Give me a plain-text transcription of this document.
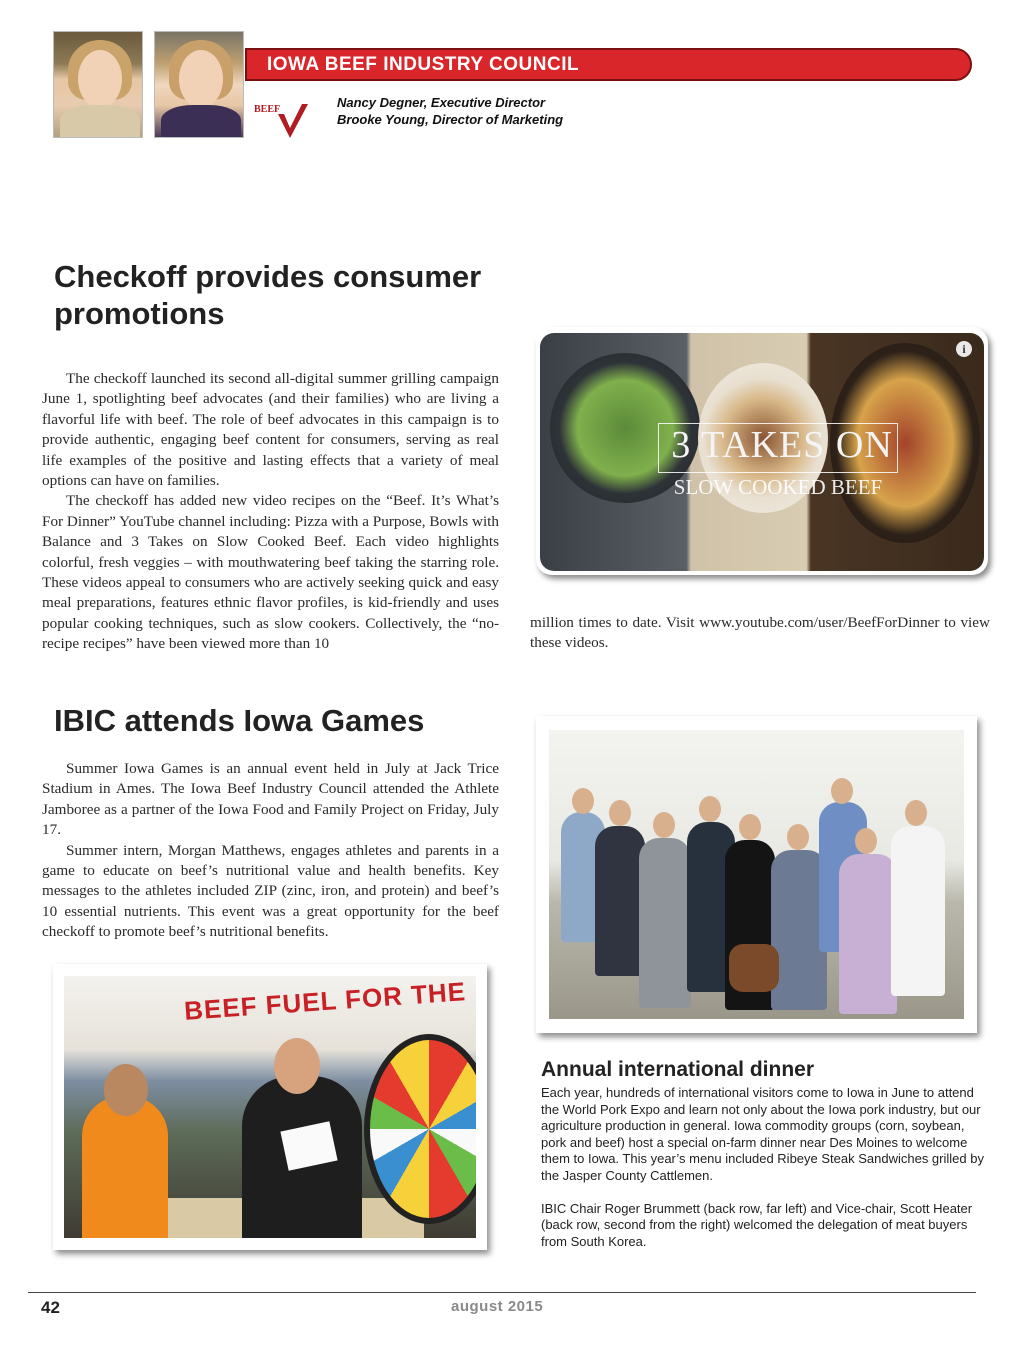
IOWA BEEF INDUSTRY COUNCIL
BEEF	Nancy Degner, Executive Director
Brooke Young, Director of Marketing
Checkoff provides consumer promotions

The checkoff launched its second all-digital summer grilling campaign June 1, spotlighting beef advocates (and their families) who are living a flavorful life with beef. The role of beef advocates in this campaign is to provide authentic, engaging beef content for consumers, serving as real life examples of the positive and lasting effects that a variety of meal options can have on families.

The checkoff has added new video recipes on the “Beef. It’s What’s For Dinner” YouTube channel including: Pizza with a Purpose, Bowls with Balance and 3 Takes on Slow Cooked Beef. Each video highlights colorful, fresh veggies – with mouthwatering beef taking the starring role. These videos appeal to consumers who are actively seeking quick and easy meal preparations, features ethnic flavor profiles, is kid-friendly and uses popular cooking techniques, such as slow cookers. Collectively, the “no-recipe recipes” have been viewed more than 10

3 TAKES ON
SLOW COOKED BEEF
i

million times to date. Visit www.youtube.com/user/BeefForDinner to view these videos.

IBIC attends Iowa Games

Summer Iowa Games is an annual event held in July at Jack Trice Stadium in Ames. The Iowa Beef Industry Council attended the Athlete Jamboree as a partner of the Iowa Food and Family Project on Friday, July 17.

Summer intern, Morgan Matthews, engages athletes and parents in a game to educate on beef’s nutritional value and health benefits. Key messages to the athletes included ZIP (zinc, iron, and protein) and beef’s 10 essential nutrients. This event was a great opportunity for the beef checkoff to promote beef’s nutritional benefits.

BEEF FUEL FOR THE
Annual international dinner

Each year, hundreds of international visitors come to Iowa in June to attend the World Pork Expo and learn not only about the Iowa pork industry, but our agriculture production in general. Iowa commodity groups (corn, soybean, pork and beef) host a special on-farm dinner near Des Moines to welcome them to Iowa. This year’s menu included Ribeye Steak Sandwiches grilled by the Jasper County Cattlemen.

IBIC Chair Roger Brummett (back row, far left) and Vice-chair, Scott Heater (back row, second from the right) welcomed the delegation of meat buyers from South Korea.

42	august 2015
